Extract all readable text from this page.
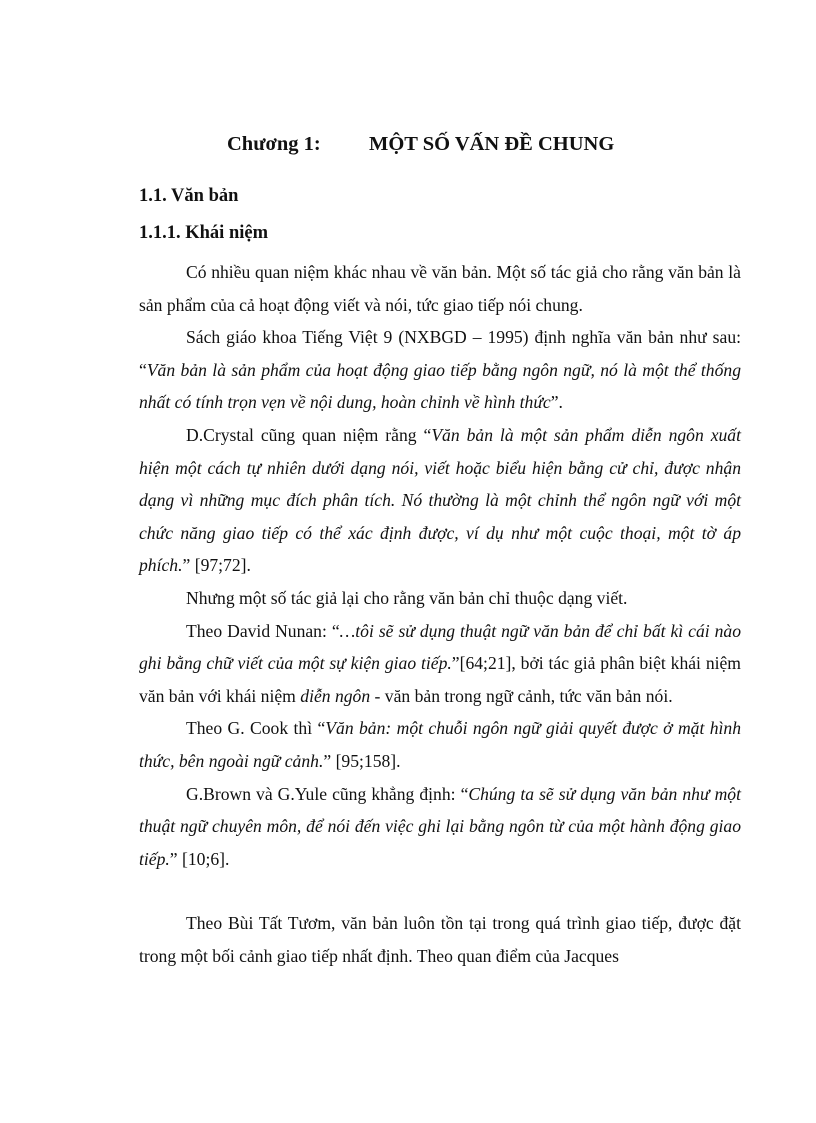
Chương 1: MỘT SỐ VẤN ĐỀ CHUNG
1.1. Văn bản
1.1.1. Khái niệm

Có nhiều quan niệm khác nhau về văn bản. Một số tác giả cho rằng văn bản là sản phẩm của cả hoạt động viết và nói, tức giao tiếp nói chung.

Sách giáo khoa Tiếng Việt 9 (NXBGD – 1995) định nghĩa văn bản như sau: “Văn bản là sản phẩm của hoạt động giao tiếp bằng ngôn ngữ, nó là một thể thống nhất có tính trọn vẹn về nội dung, hoàn chỉnh về hình thức”.

D.Crystal cũng quan niệm rằng “Văn bản là một sản phẩm diễn ngôn xuất hiện một cách tự nhiên dưới dạng nói, viết hoặc biểu hiện bằng cử chỉ, được nhận dạng vì những mục đích phân tích. Nó thường là một chỉnh thể ngôn ngữ với một chức năng giao tiếp có thể xác định được, ví dụ như một cuộc thoại, một tờ áp phích.” [97;72].

Nhưng một số tác giả lại cho rằng văn bản chỉ thuộc dạng viết.

Theo David Nunan: “…tôi sẽ sử dụng thuật ngữ văn bản để chỉ bất kì cái nào ghi bằng chữ viết của một sự kiện giao tiếp.”[64;21], bởi tác giả phân biệt khái niệm văn bản với khái niệm diễn ngôn - văn bản trong ngữ cảnh, tức văn bản nói.

Theo G. Cook thì “Văn bản: một chuỗi ngôn ngữ giải quyết được ở mặt hình thức, bên ngoài ngữ cảnh.” [95;158].

G.Brown và G.Yule cũng khẳng định: “Chúng ta sẽ sử dụng văn bản như một thuật ngữ chuyên môn, để nói đến việc ghi lại bằng ngôn từ của một hành động giao tiếp.” [10;6].

Theo Bùi Tất Tươm, văn bản luôn tồn tại trong quá trình giao tiếp, được đặt trong một bối cảnh giao tiếp nhất định. Theo quan điểm của Jacques
